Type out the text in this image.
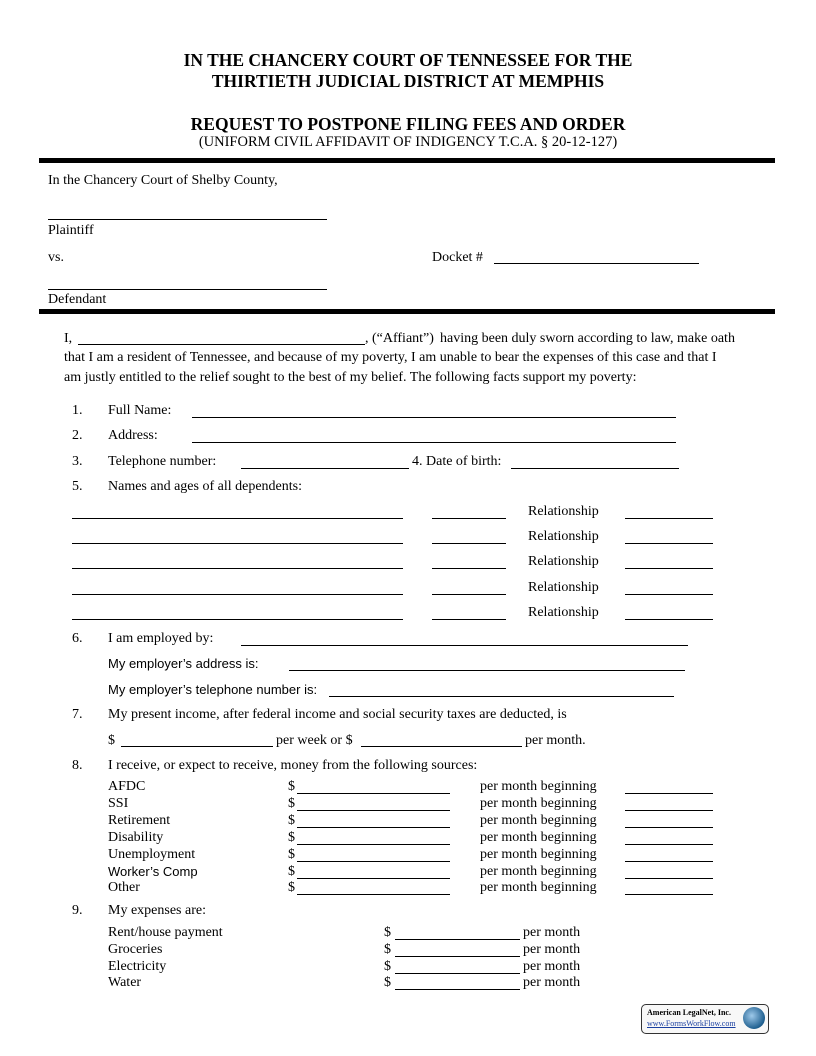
IN THE CHANCERY COURT OF TENNESSEE FOR THE
THIRTIETH JUDICIAL DISTRICT AT MEMPHIS
REQUEST TO POSTPONE FILING FEES AND ORDER
(UNIFORM CIVIL AFFIDAVIT OF INDIGENCY T.C.A. § 20-12-127)
In the Chancery Court of Shelby County,
Plaintiff
vs.	Docket #
Defendant
I,	, (“Affiant”) having been duly sworn according to law, make oath
that I am a resident of Tennessee, and because of my poverty, I am unable to bear the expenses of this case and that I
am justly entitled to the relief sought to the best of my belief. The following facts support my poverty:
1. Full Name:
2. Address:
3. Telephone number:	4. Date of birth:
5. Names and ages of all dependents:
Relationship
Relationship
Relationship
Relationship
Relationship
6. I am employed by:
My employer’s address is:
My employer’s telephone number is:
7. My present income, after federal income and social security taxes are deducted, is
$	per week or $	per month.
8. I receive, or expect to receive, money from the following sources:
AFDC	$	per month beginning
SSI	$	per month beginning
Retirement	$	per month beginning
Disability	$	per month beginning
Unemployment	$	per month beginning
Worker’s Comp	$	per month beginning
Other	$	per month beginning
9. My expenses are:
Rent/house payment	$	per month
Groceries	$	per month
Electricity	$	per month
Water	$	per month
American LegalNet, Inc.
www.FormsWorkFlow.com
